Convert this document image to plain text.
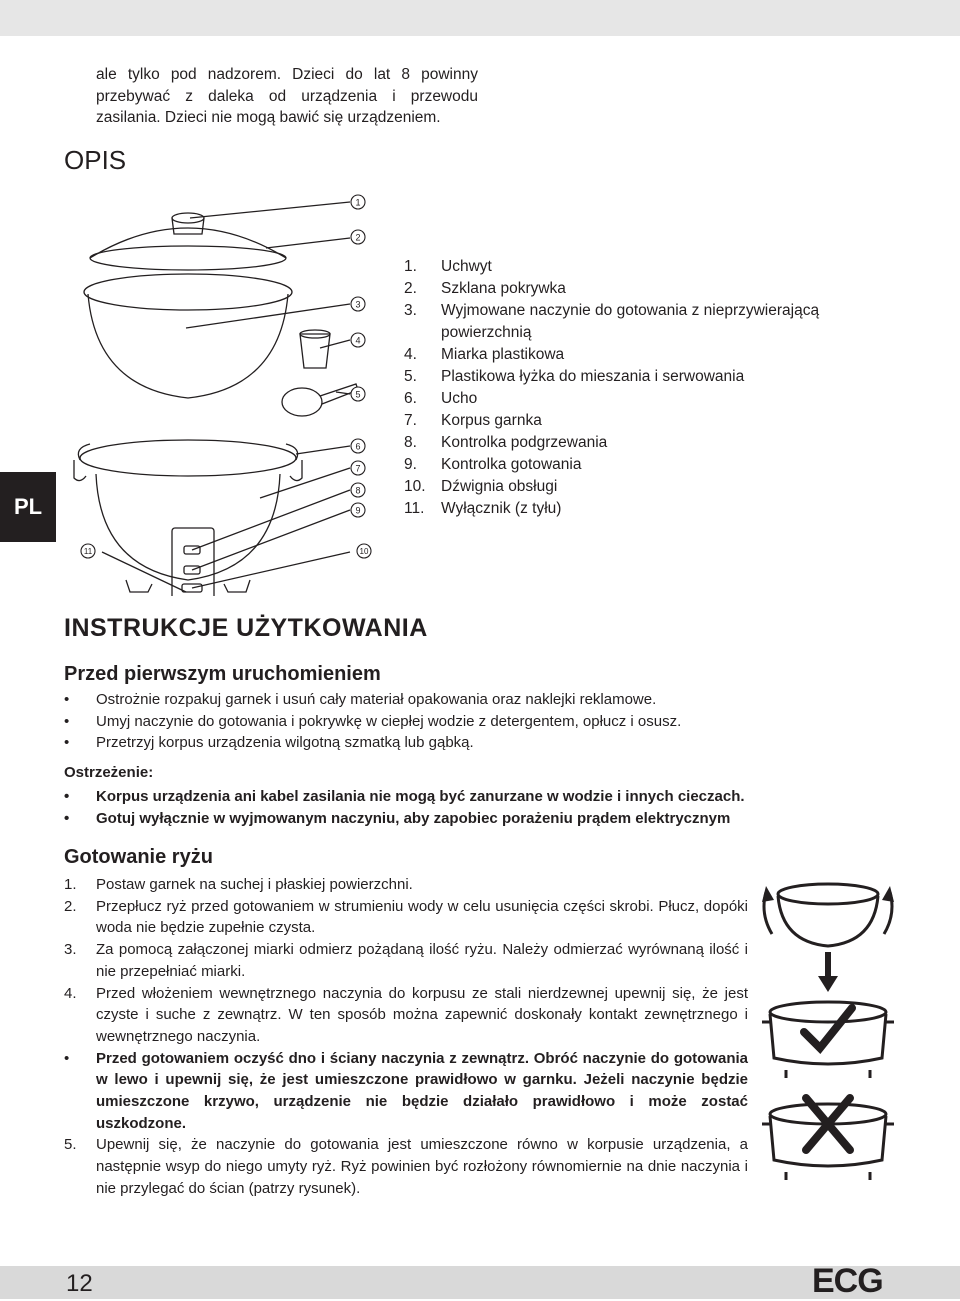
PL
ale tylko pod nadzorem. Dzieci do lat 8 powinny przebywać z daleka od urządzenia i przewodu zasilania. Dzieci nie mogą bawić się urządzeniem.
OPIS
1
2
3
4
5
6
7
8
9
10
11
1.	Uchwyt
2.	Szklana pokrywka
3.	Wyjmowane naczynie do gotowania z nieprzywierającą
powierzchnią
4.	Miarka plastikowa
5.	Plastikowa łyżka do mieszania i serwowania
6.	Ucho
7.	Korpus garnka
8.	Kontrolka podgrzewania
9.	Kontrolka gotowania
10. Dźwignia obsługi
11.	Wyłącznik (z tyłu)
INSTRUKCJE UŻYTKOWANIA
Przed pierwszym uruchomieniem
•	Ostrożnie rozpakuj garnek i usuń cały materiał opakowania oraz naklejki reklamowe.
•	Umyj naczynie do gotowania i pokrywkę w ciepłej wodzie z detergentem, opłucz i osusz.
•	Przetrzyj korpus urządzenia wilgotną szmatką lub gąbką.
Ostrzeżenie:
•	Korpus urządzenia ani kabel zasilania nie mogą być zanurzane w wodzie i innych cieczach.
•	Gotuj wyłącznie w wyjmowanym naczyniu, aby zapobiec porażeniu prądem elektrycznym
Gotowanie ryżu
1.	Postaw garnek na suchej i płaskiej powierzchni.
2.	Przepłucz ryż przed gotowaniem w strumieniu wody w celu usunięcia części skrobi. Płucz, dopóki woda nie będzie zupełnie czysta.
3.	Za pomocą załączonej miarki odmierz pożądaną ilość ryżu. Należy odmierzać wyrównaną ilość i nie przepełniać miarki.
4.	Przed włożeniem wewnętrznego naczynia do korpusu ze stali nierdzewnej upewnij się, że jest czyste i suche z zewnątrz. W ten sposób można zapewnić doskonały kontakt zewnętrznego i wewnętrznego naczynia.
•	Przed gotowaniem oczyść dno i ściany naczynia z zewnątrz. Obróć naczynie do gotowania w lewo i upewnij się, że jest umieszczone prawidłowo w garnku. Jeżeli naczynie będzie umieszczone krzywo, urządzenie nie będzie działało prawidłowo i może zostać uszkodzone.
5.	Upewnij się, że naczynie do gotowania jest umieszczone równo w korpusie urządzenia, a następnie wsyp do niego umyty ryż. Ryż powinien być rozłożony równomiernie na dnie naczynia i nie przylegać do ścian (patrzy rysunek).
12	ECG
